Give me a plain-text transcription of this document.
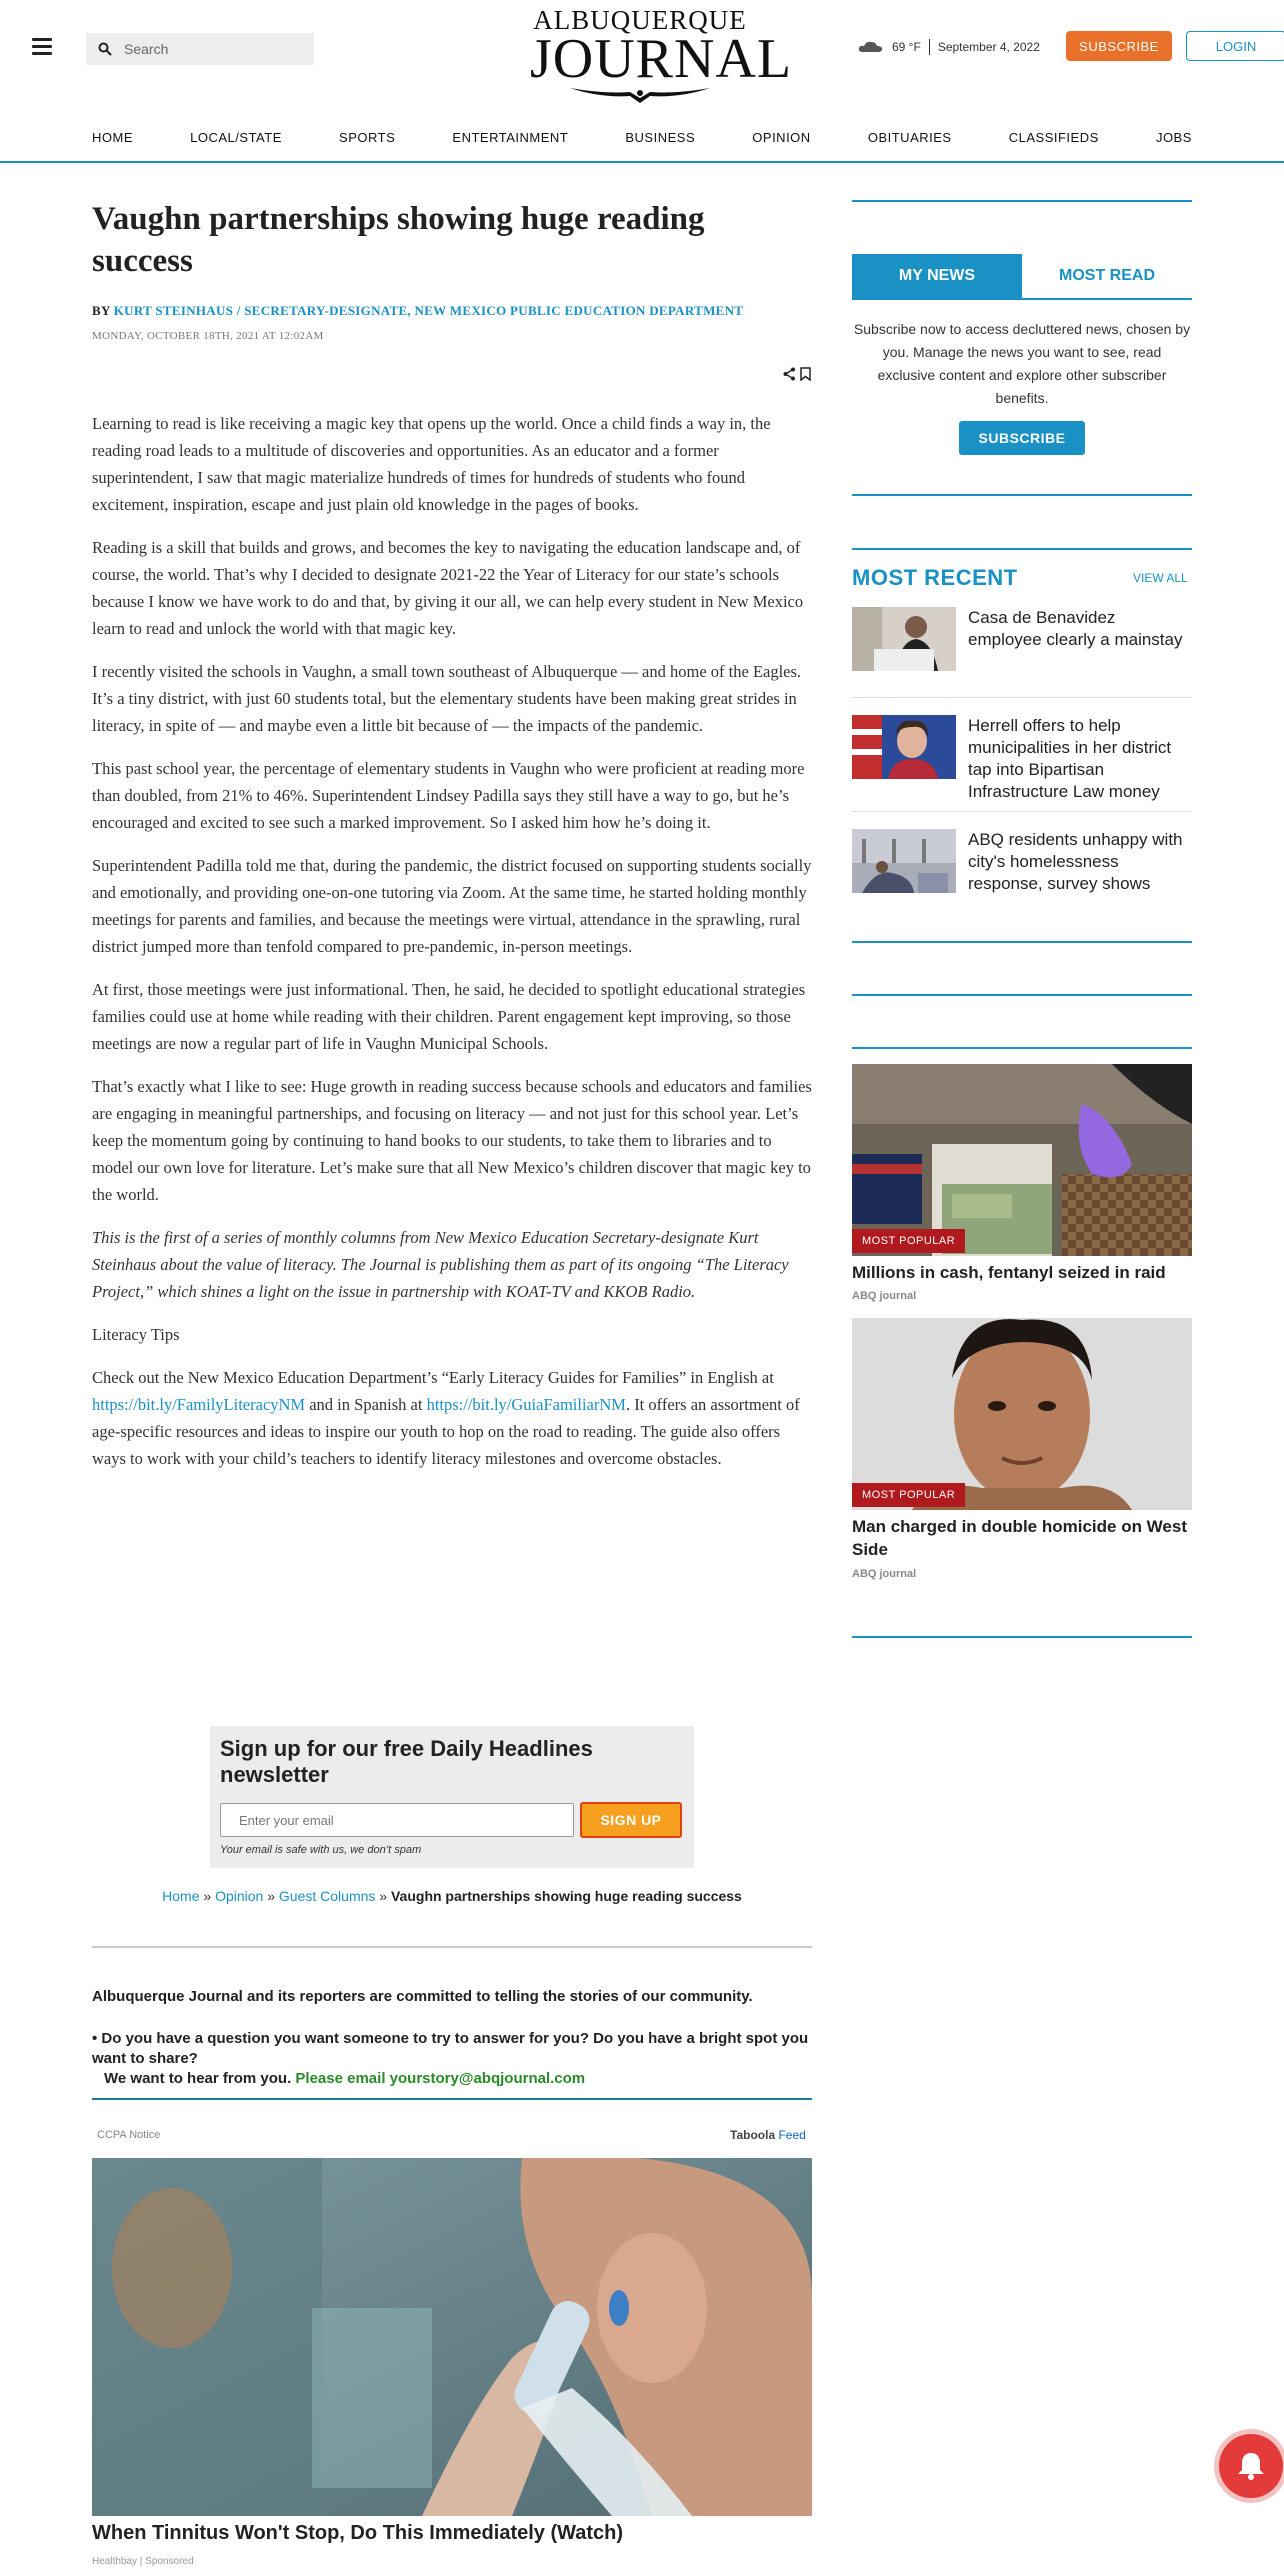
Search
ALBUQUERQUE
JOURNAL	69 °F September 4, 2022	SUBSCRIBE	LOGIN
HOME	LOCAL/STATE	SPORTS	ENTERTAINMENT	BUSINESS	OPINION	OBITUARIES	CLASSIFIEDS	JOBS
Vaughn partnerships showing huge reading success
BY KURT STEINHAUS / SECRETARY-DESIGNATE, NEW MEXICO PUBLIC EDUCATION DEPARTMENT
MONDAY, OCTOBER 18TH, 2021 AT 12:02AM

Learning to read is like receiving a magic key that opens up the world. Once a child finds a way in, the reading road leads to a multitude of discoveries and opportunities. As an educator and a former superintendent, I saw that magic materialize hundreds of times for hundreds of students who found excitement, inspiration, escape and just plain old knowledge in the pages of books.

Reading is a skill that builds and grows, and becomes the key to navigating the education landscape and, of course, the world. That’s why I decided to designate 2021-22 the Year of Literacy for our state’s schools because I know we have work to do and that, by giving it our all, we can help every student in New Mexico learn to read and unlock the world with that magic key.

I recently visited the schools in Vaughn, a small town southeast of Albuquerque — and home of the Eagles. It’s a tiny district, with just 60 students total, but the elementary students have been making great strides in literacy, in spite of — and maybe even a little bit because of — the impacts of the pandemic.

This past school year, the percentage of elementary students in Vaughn who were proficient at reading more than doubled, from 21% to 46%. Superintendent Lindsey Padilla says they still have a way to go, but he’s encouraged and excited to see such a marked improvement. So I asked him how he’s doing it.

Superintendent Padilla told me that, during the pandemic, the district focused on supporting students socially and emotionally, and providing one-on-one tutoring via Zoom. At the same time, he started holding monthly meetings for parents and families, and because the meetings were virtual, attendance in the sprawling, rural district jumped more than tenfold compared to pre-pandemic, in-person meetings.

At first, those meetings were just informational. Then, he said, he decided to spotlight educational strategies families could use at home while reading with their children. Parent engagement kept improving, so those meetings are now a regular part of life in Vaughn Municipal Schools.

That’s exactly what I like to see: Huge growth in reading success because schools and educators and families are engaging in meaningful partnerships, and focusing on literacy — and not just for this school year. Let’s keep the momentum going by continuing to hand books to our students, to take them to libraries and to model our own love for literature. Let’s make sure that all New Mexico’s children discover that magic key to the world.

This is the first of a series of monthly columns from New Mexico Education Secretary-designate Kurt Steinhaus about the value of literacy. The Journal is publishing them as part of its ongoing “The Literacy Project,” which shines a light on the issue in partnership with KOAT-TV and KKOB Radio.

Literacy Tips

Check out the New Mexico Education Department’s “Early Literacy Guides for Families” in English at https://bit.ly/FamilyLiteracyNM and in Spanish at https://bit.ly/GuiaFamiliarNM. It offers an assortment of age-specific resources and ideas to inspire our youth to hop on the road to reading. The guide also offers ways to work with your child’s teachers to identify literacy milestones and overcome obstacles.

Sign up for our free Daily Headlines newsletter
Enter your email
SIGN UP
Your email is safe with us, we don’t spam
Home » Opinion » Guest Columns » Vaughn partnerships showing huge reading success
Albuquerque Journal and its reporters are committed to telling the stories of our community.
• Do you have a question you want someone to try to answer for you? Do you have a bright spot you want to share?
We want to hear from you. Please email yourstory@abqjournal.com
CCPA Notice	Taboola Feed
When Tinnitus Won't Stop, Do This Immediately (Watch)
Healthbay | Sponsored
MY NEWS	MOST READ
Subscribe now to access decluttered news, chosen by you. Manage the news you want to see, read exclusive content and explore other subscriber benefits.
SUBSCRIBE
MOST RECENT	VIEW ALL
Casa de Benavidez employee clearly a mainstay
Herrell offers to help municipalities in her district tap into Bipartisan Infrastructure Law money
ABQ residents unhappy with city's homelessness response, survey shows
MOST POPULAR
Millions in cash, fentanyl seized in raid
ABQ journal
MOST POPULAR
Man charged in double homicide on West Side
ABQ journal
